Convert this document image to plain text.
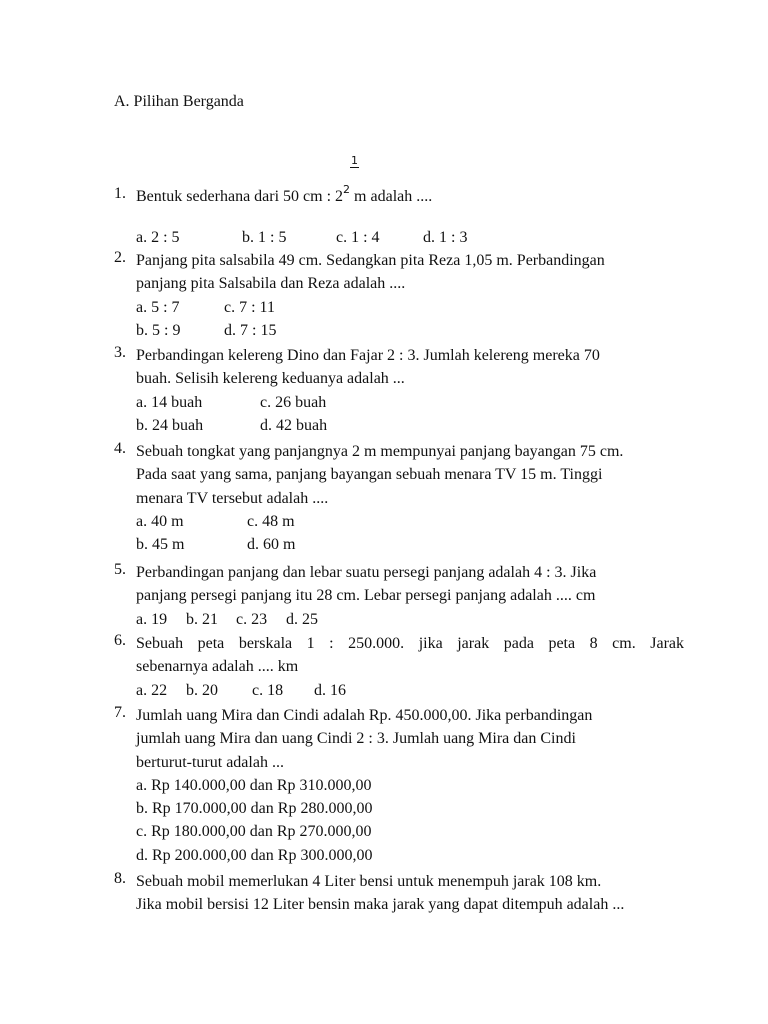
A. Pilihan Berganda
1. Bentuk sederhana dari 50 cm : 2
1
$^2$ m adalah ....
a. 2 : 5	b. 1 : 5	c. 1 : 4	d. 1 : 3
2. Panjang pita salsabila 49 cm. Sedangkan pita Reza 1,05 m. Perbandingan
panjang pita Salsabila dan Reza adalah ....
a. 5 : 7	c. 7 : 11
b. 5 : 9	d. 7 : 15
3. Perbandingan kelereng Dino dan Fajar 2 : 3. Jumlah kelereng mereka 70
buah. Selisih kelereng keduanya adalah ...
a. 14 buah	c. 26 buah
b. 24 buah	d. 42 buah
4. Sebuah tongkat yang panjangnya 2 m mempunyai panjang bayangan 75 cm.
Pada saat yang sama, panjang bayangan sebuah menara TV 15 m. Tinggi
menara TV tersebut adalah ....
a. 40 m	c. 48 m
b. 45 m	d. 60 m
5. Perbandingan panjang dan lebar suatu persegi panjang adalah 4 : 3. Jika
panjang persegi panjang itu 28 cm. Lebar persegi panjang adalah .... cm
a. 19	b. 21	c. 23	d. 25
6. Sebuah peta berskala 1 : 250.000. jika jarak pada peta 8 cm. Jarak
sebenarnya adalah .... km
a. 22	b. 20	c. 18	d. 16
7. Jumlah uang Mira dan Cindi adalah Rp. 450.000,00. Jika perbandingan
jumlah uang Mira dan uang Cindi 2 : 3. Jumlah uang Mira dan Cindi
berturut-turut adalah ...
a. Rp 140.000,00 dan Rp 310.000,00
b. Rp 170.000,00 dan Rp 280.000,00
c. Rp 180.000,00 dan Rp 270.000,00
d. Rp 200.000,00 dan Rp 300.000,00
8. Sebuah mobil memerlukan 4 Liter bensi untuk menempuh jarak 108 km.
Jika mobil bersisi 12 Liter bensin maka jarak yang dapat ditempuh adalah ...
